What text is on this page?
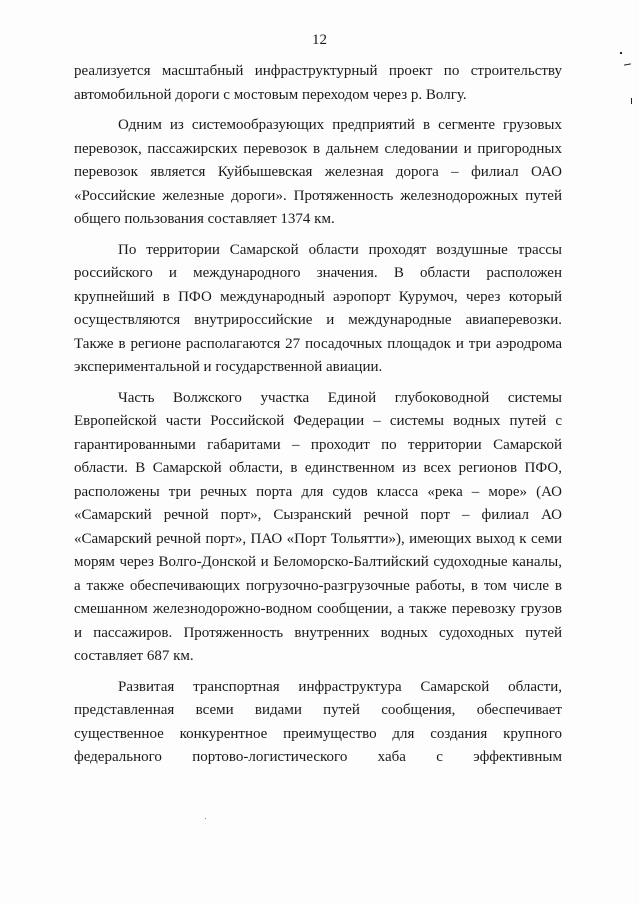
12

реализуется масштабный инфраструктурный проект по строительству автомобильной дороги с мостовым переходом через р. Волгу.

Одним из системообразующих предприятий в сегменте грузовых перевозок, пассажирских перевозок в дальнем следовании и пригородных перевозок является Куйбышевская железная дорога – филиал ОАО «Российские железные дороги». Протяженность железнодорожных путей общего пользования составляет 1374 км.

По территории Самарской области проходят воздушные трассы российского и международного значения. В области расположен крупнейший в ПФО международный аэропорт Курумоч, через который осуществляются внутрироссийские и международные авиаперевозки. Также в регионе располагаются 27 посадочных площадок и три аэродрома экспериментальной и государственной авиации.

Часть Волжского участка Единой глубоководной системы Европейской части Российской Федерации – системы водных путей с гарантированными габаритами – проходит по территории Самарской области. В Самарской области, в единственном из всех регионов ПФО, расположены три речных порта для судов класса «река – море» (АО «Самарский речной порт», Сызранский речной порт – филиал АО «Самарский речной порт», ПАО «Порт Тольятти»), имеющих выход к семи морям через Волго-Донской и Беломорско-Балтийский судоходные каналы, а также обеспечивающих погрузочно-разгрузочные работы, в том числе в смешанном железнодорожно-водном сообщении, а также перевозку грузов и пассажиров. Протяженность внутренних водных судоходных путей составляет 687 км.

Развитая транспортная инфраструктура Самарской области, представленная всеми видами путей сообщения, обеспечивает существенное конкурентное преимущество для создания крупного федерального портово-логистического хаба с эффективным
